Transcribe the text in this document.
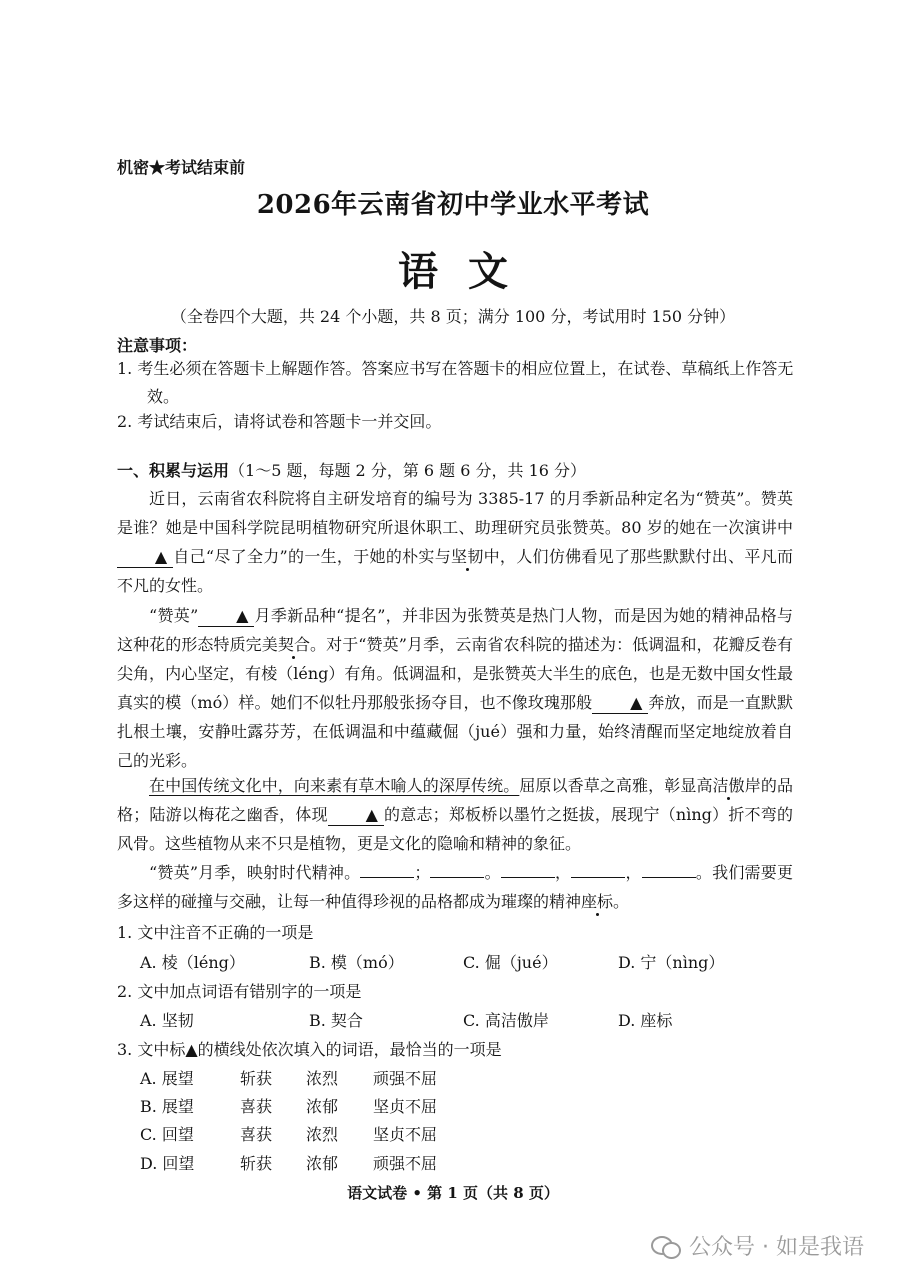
机密★考试结束前
2026年云南省初中学业水平考试
语文
（全卷四个大题，共 24 个小题，共 8 页；满分 100 分，考试用时 150 分钟）
注意事项：
1. 考生必须在答题卡上解题作答。答案应书写在答题卡的相应位置上，在试卷、草稿纸上作答无效。
2. 考试结束后，请将试卷和答题卡一并交回。
一、积累与运用（1～5 题，每题 2 分，第 6 题 6 分，共 16 分）
近日，云南省农科院将自主研发培育的编号为 3385-17 的月季新品种定名为“赞英”。赞英是谁？她是中国科学院昆明植物研究所退休职工、助理研究员张赞英。80 岁的她在一次演讲中▲ 自己“尽了全力”的一生，于她的朴实与坚韧中，人们仿佛看见了那些默默付出、平凡而不凡的女性。
“赞英” ▲ 月季新品种“提名”，并非因为张赞英是热门人物，而是因为她的精神品格与这种花的形态特质完美契合。对于“赞英”月季，云南省农科院的描述为：低调温和，花瓣反卷有尖角，内心坚定，有棱（léng）有角。低调温和，是张赞英大半生的底色，也是无数中国女性最真实的模（mó）样。她们不似牡丹那般张扬夺目，也不像玫瑰那般 ▲ 奔放，而是一直默默扎根土壤，安静吐露芬芳，在低调温和中蕴藏倔（jué）强和力量，始终清醒而坚定地绽放着自己的光彩。
在中国传统文化中，向来素有草木喻人的深厚传统。屈原以香草之高雅，彰显高洁傲岸的品格；陆游以梅花之幽香，体现 ▲ 的意志；郑板桥以墨竹之挺拔，展现宁（nìng）折不弯的风骨。这些植物从来不只是植物，更是文化的隐喻和精神的象征。
“赞英”月季，映射时代精神。	；	。	，	，	。我们需要更多这样的碰撞与交融，让每一种值得珍视的品格都成为璀璨的精神座标。
1. 文中注音不正确的一项是
A. 棱（léng）	B. 模（mó）	C. 倔（jué）	D. 宁（nìng）
2. 文中加点词语有错别字的一项是
A. 坚韧	B. 契合	C. 高洁傲岸	D. 座标
3. 文中标▲的横线处依次填入的词语，最恰当的一项是
A. 展望	斩获 浓烈 顽强不屈
B. 展望	喜获 浓郁 坚贞不屈
C. 回望	喜获 浓烈 坚贞不屈
D. 回望	斩获 浓郁 顽强不屈
语文试卷 • 第 1 页（共 8 页）
公众号 · 如是我语
